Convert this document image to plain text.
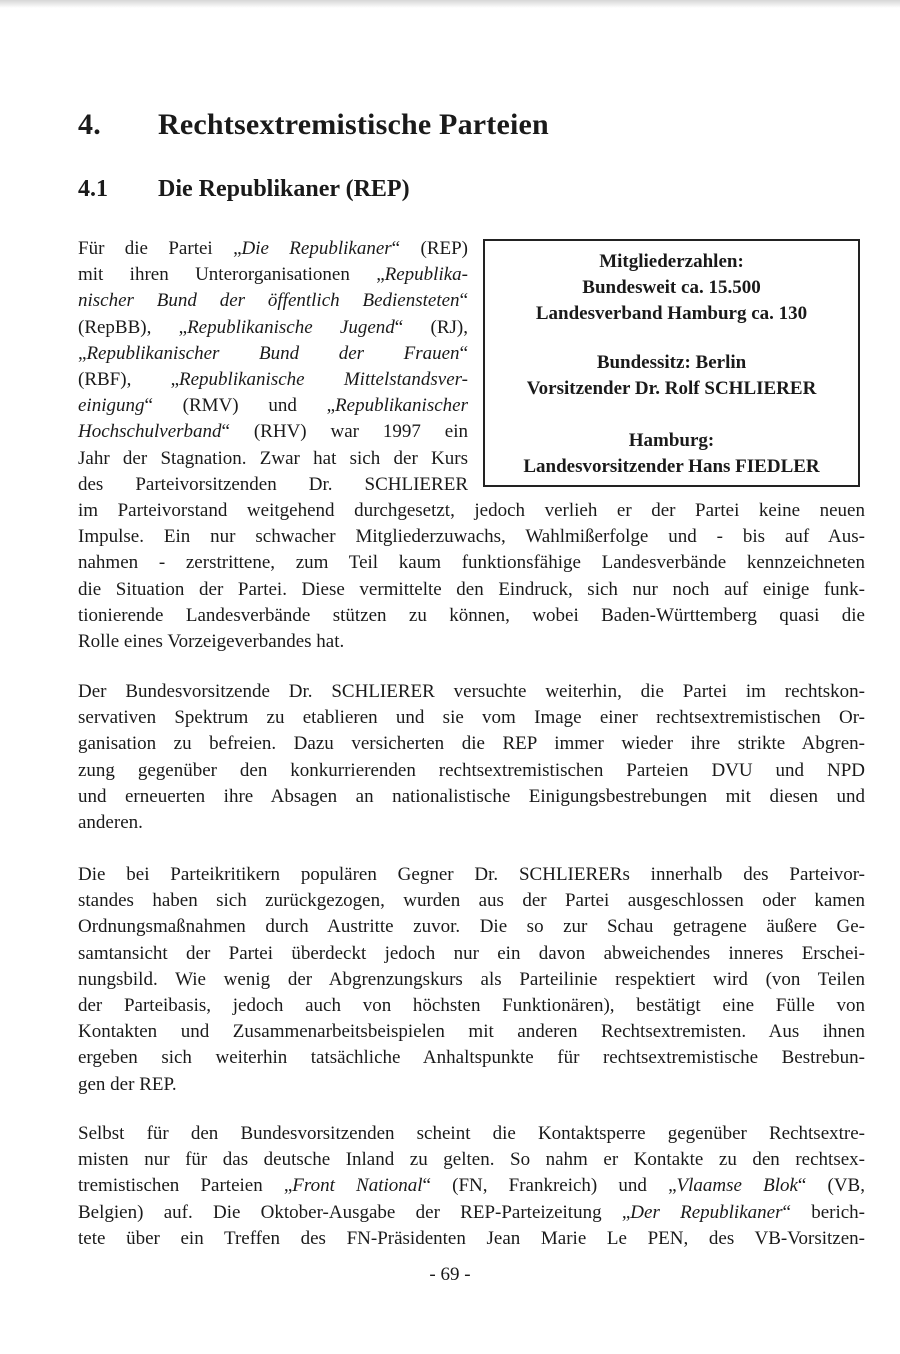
4. Rechtsextremistische Parteien
4.1 Die Republikaner (REP)
Mitgliederzahlen:
Bundesweit ca. 15.500
Landesverband Hamburg ca. 130
Bundessitz: Berlin
Vorsitzender Dr. Rolf SCHLIERER
Hamburg:
Landesvorsitzender Hans FIEDLER
Für die Partei „Die Republikaner“ (REP)
mit ihren Unterorganisationen „Republika-
nischer Bund der öffentlich Bediensteten“
(RepBB), „Republikanische Jugend“ (RJ),
„Republikanischer Bund der Frauen“
(RBF), „Republikanische Mittelstandsver-
einigung“ (RMV) und „Republikanischer
Hochschulverband“ (RHV) war 1997 ein
Jahr der Stagnation. Zwar hat sich der Kurs
des Parteivorsitzenden Dr. SCHLIERER
im Parteivorstand weitgehend durchgesetzt, jedoch verlieh er der Partei keine neuen
Impulse. Ein nur schwacher Mitgliederzuwachs, Wahlmißerfolge und - bis auf Aus-
nahmen - zerstrittene, zum Teil kaum funktionsfähige Landesverbände kennzeichneten
die Situation der Partei. Diese vermittelte den Eindruck, sich nur noch auf einige funk-
tionierende Landesverbände stützen zu können, wobei Baden-Württemberg quasi die
Rolle eines Vorzeigeverbandes hat.
Der Bundesvorsitzende Dr. SCHLIERER versuchte weiterhin, die Partei im rechtskon-
servativen Spektrum zu etablieren und sie vom Image einer rechtsextremistischen Or-
ganisation zu befreien. Dazu versicherten die REP immer wieder ihre strikte Abgren-
zung gegenüber den konkurrierenden rechtsextremistischen Parteien DVU und NPD
und erneuerten ihre Absagen an nationalistische Einigungsbestrebungen mit diesen und
anderen.
Die bei Parteikritikern populären Gegner Dr. SCHLIERERs innerhalb des Parteivor-
standes haben sich zurückgezogen, wurden aus der Partei ausgeschlossen oder kamen
Ordnungsmaßnahmen durch Austritte zuvor. Die so zur Schau getragene äußere Ge-
samtansicht der Partei überdeckt jedoch nur ein davon abweichendes inneres Erschei-
nungsbild. Wie wenig der Abgrenzungskurs als Parteilinie respektiert wird (von Teilen
der Parteibasis, jedoch auch von höchsten Funktionären), bestätigt eine Fülle von
Kontakten und Zusammenarbeitsbeispielen mit anderen Rechtsextremisten. Aus ihnen
ergeben sich weiterhin tatsächliche Anhaltspunkte für rechtsextremistische Bestrebun-
gen der REP.
Selbst für den Bundesvorsitzenden scheint die Kontaktsperre gegenüber Rechtsextre-
misten nur für das deutsche Inland zu gelten. So nahm er Kontakte zu den rechtsex-
tremistischen Parteien „Front National“ (FN, Frankreich) und „Vlaamse Blok“ (VB,
Belgien) auf. Die Oktober-Ausgabe der REP-Parteizeitung „Der Republikaner“ berich-
tete über ein Treffen des FN-Präsidenten Jean Marie Le PEN, des VB-Vorsitzen-
- 69 -
